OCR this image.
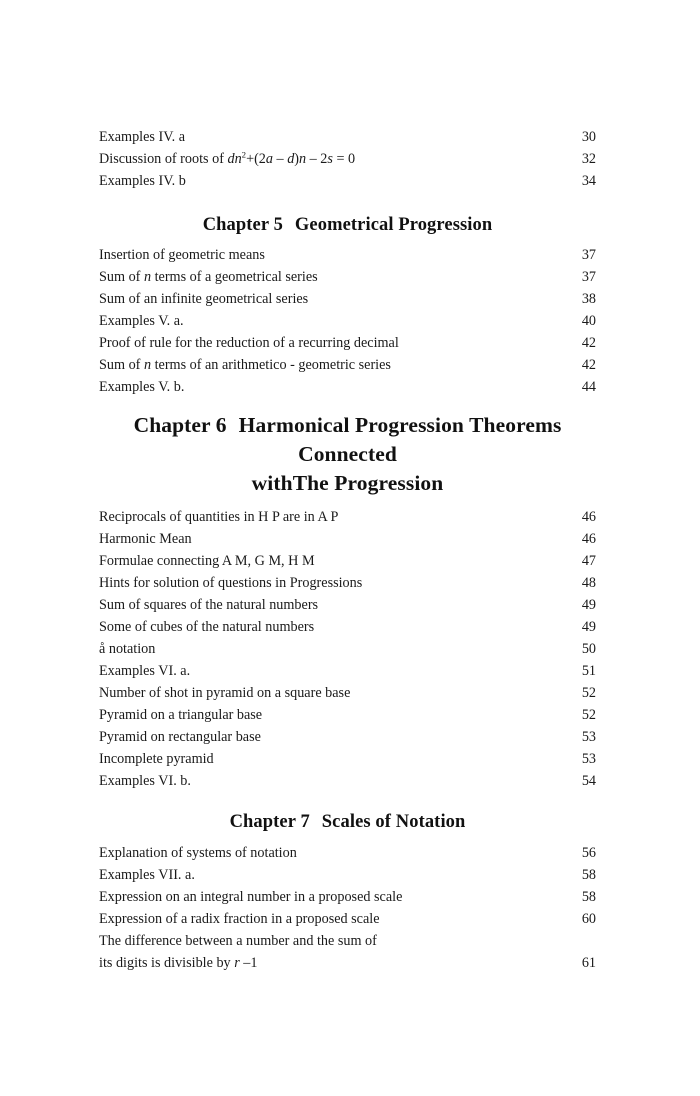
Examples IV. a	30
Discussion of roots of $dn^2+(2a - d)n - 2s = 0$	32
Examples IV. b	34
Chapter 5 Geometrical Progression
Insertion of geometric means	37
Sum of n terms of a geometrical series	37
Sum of an infinite geometrical series	38
Examples V. a.	40
Proof of rule for the reduction of a recurring decimal	42
Sum of n terms of an arithmetico - geometric series	42
Examples V. b.	44
Chapter 6 Harmonical Progression Theorems Connected
withThe Progression
Reciprocals of quantities in H P are in A P	46
Harmonic Mean	46
Formulae connecting A M, G M, H M	47
Hints for solution of questions in Progressions	48
Sum of squares of the natural numbers	49
Some of cubes of the natural numbers	49
å notation	50
Examples VI. a.	51
Number of shot in pyramid on a square base	52
Pyramid on a triangular base	52
Pyramid on rectangular base	53
Incomplete pyramid	53
Examples VI. b.	54
Chapter 7 Scales of Notation
Explanation of systems of notation	56
Examples VII. a.	58
Expression on an integral number in a proposed scale	58
Expression of a radix fraction in a proposed scale	60
The difference between a number and the sum of
its digits is divisible by r –1	61
